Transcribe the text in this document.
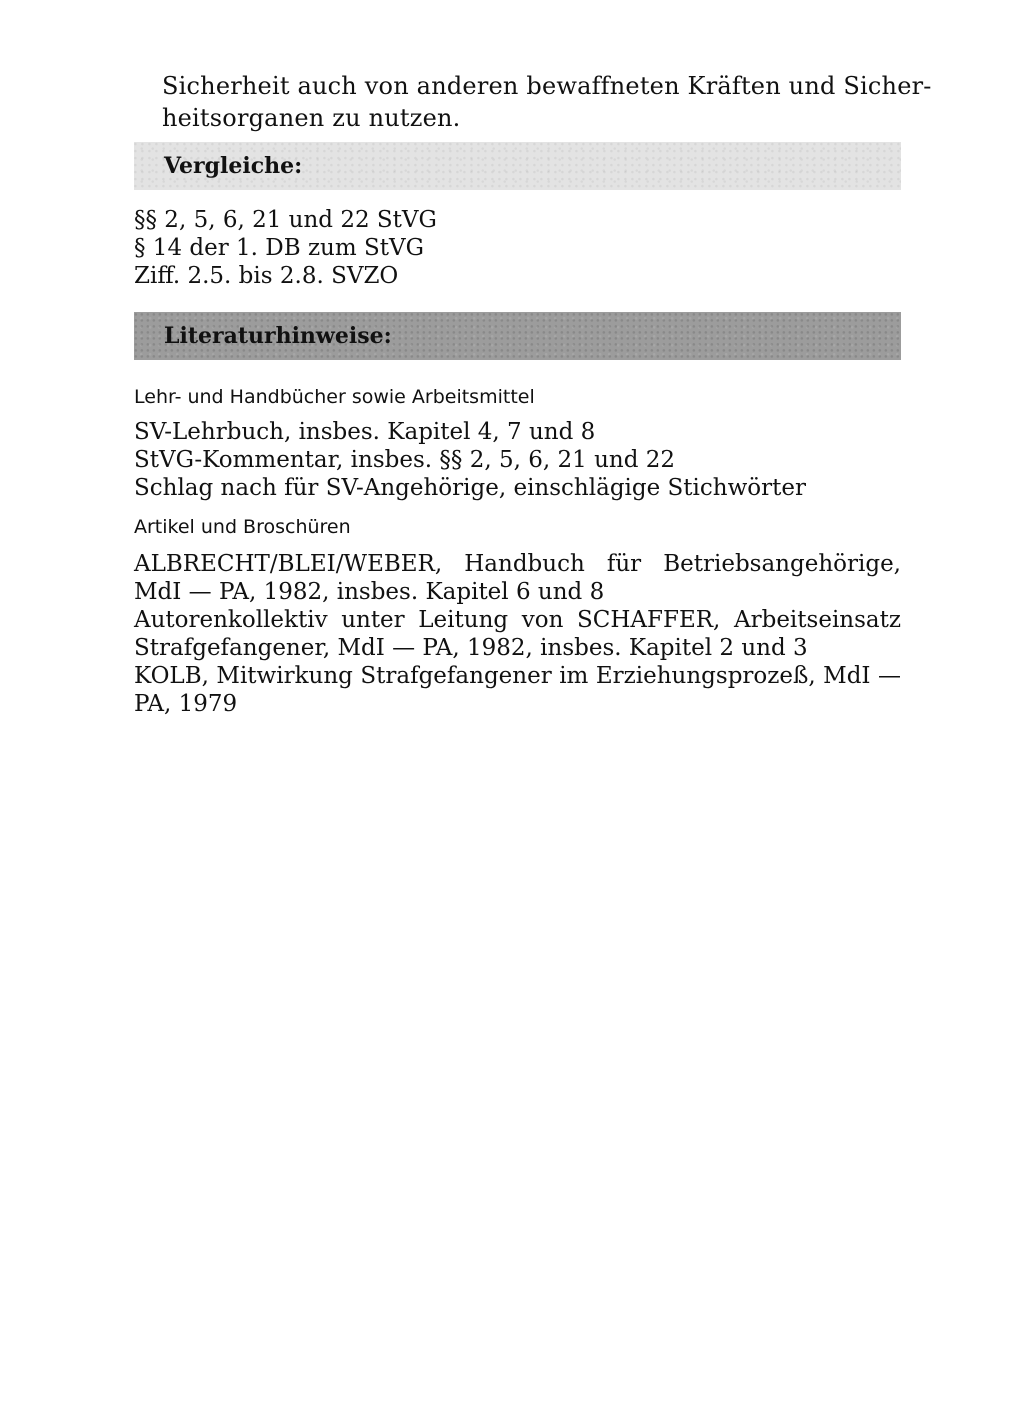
Sicherheit auch von anderen bewaffneten Kräften und Sicher-
heitsorganen zu nutzen.

Vergleiche:
§§ 2, 5, 6, 21 und 22 StVG
§ 14 der 1. DB zum StVG
Ziff. 2.5. bis 2.8. SVZO
Literaturhinweise:
Lehr- und Handbücher sowie Arbeitsmittel
SV-Lehrbuch, insbes. Kapitel 4, 7 und 8
StVG-Kommentar, insbes. §§ 2, 5, 6, 21 und 22
Schlag nach für SV-Angehörige, einschlägige Stichwörter
Artikel und Broschüren
ALBRECHT/BLEI/WEBER, Handbuch für Betriebsangehörige,
MdI — PA, 1982, insbes. Kapitel 6 und 8
Autorenkollektiv unter Leitung von SCHAFFER, Arbeitseinsatz
Strafgefangener, MdI — PA, 1982, insbes. Kapitel 2 und 3
KOLB, Mitwirkung Strafgefangener im Erziehungsprozeß, MdI —
PA, 1979
